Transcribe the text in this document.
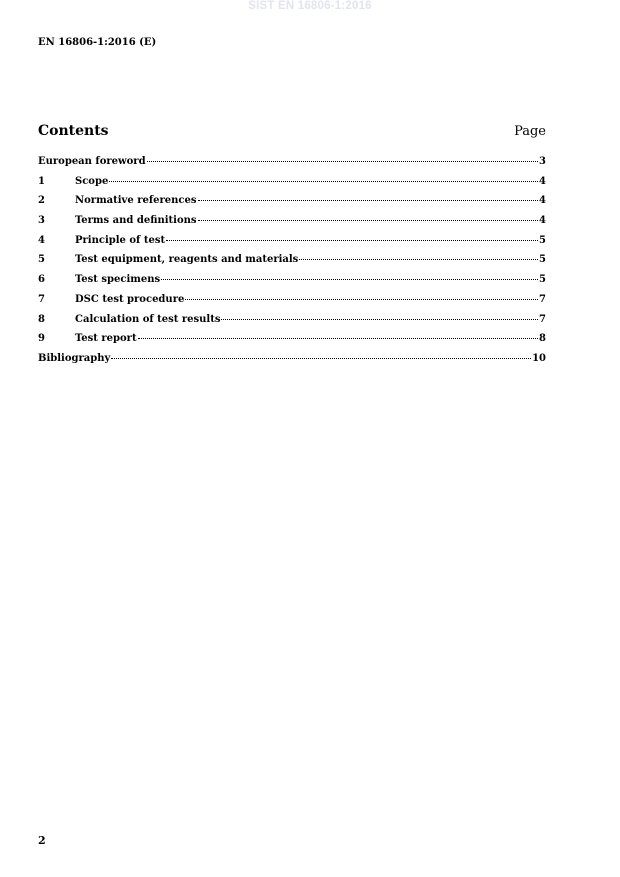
SIST EN 16806-1:2016
EN 16806-1:2016 (E)
Contents	Page
European foreword	3
1	Scope	4
2	Normative references	4
3	Terms and definitions	4
4	Principle of test	5
5	Test equipment, reagents and materials	5
6	Test specimens	5
7	DSC test procedure	7
8	Calculation of test results	7
9	Test report	8
Bibliography	10
2
